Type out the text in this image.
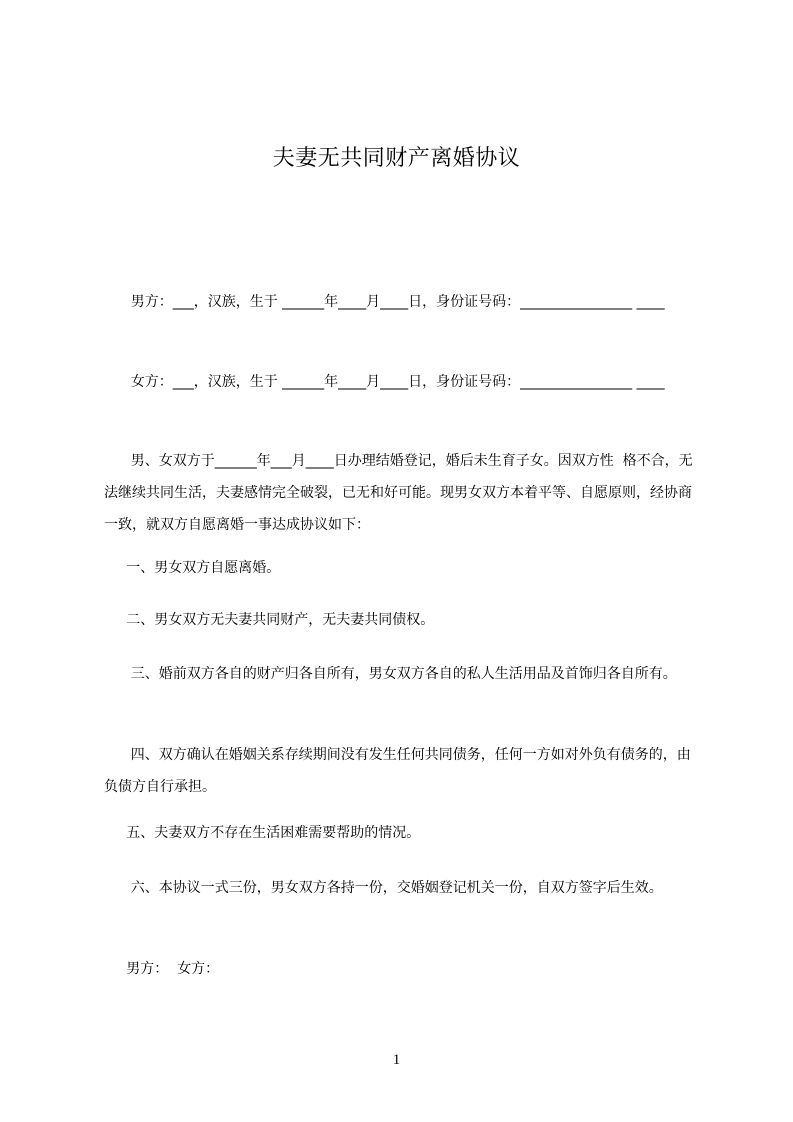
夫妻无共同财产离婚协议
男方：___，汉族，生于 ______年____月____日，身份证号码：________________ ____
女方：___，汉族，生于 ______年____月____日，身份证号码：________________ ____
男、女双方于______年___月____日办理结婚登记，婚后未生育子女。因双方性  格不合，无法继续共同生活，夫妻感情完全破裂，已无和好可能。现男女双方本着平等、自愿原则，经协商一致，就双方自愿离婚一事达成协议如下：
一、男女双方自愿离婚。
二、男女双方无夫妻共同财产，无夫妻共同债权。
三、婚前双方各自的财产归各自所有，男女双方各自的私人生活用品及首饰归各自所有。
四、双方确认在婚姻关系存续期间没有发生任何共同债务，任何一方如对外负有债务的，由负债方自行承担。
五、夫妻双方不存在生活困难需要帮助的情况。
六、本协议一式三份，男女双方各持一份，交婚姻登记机关一份，自双方签字后生效。
男方： 女方：
1
